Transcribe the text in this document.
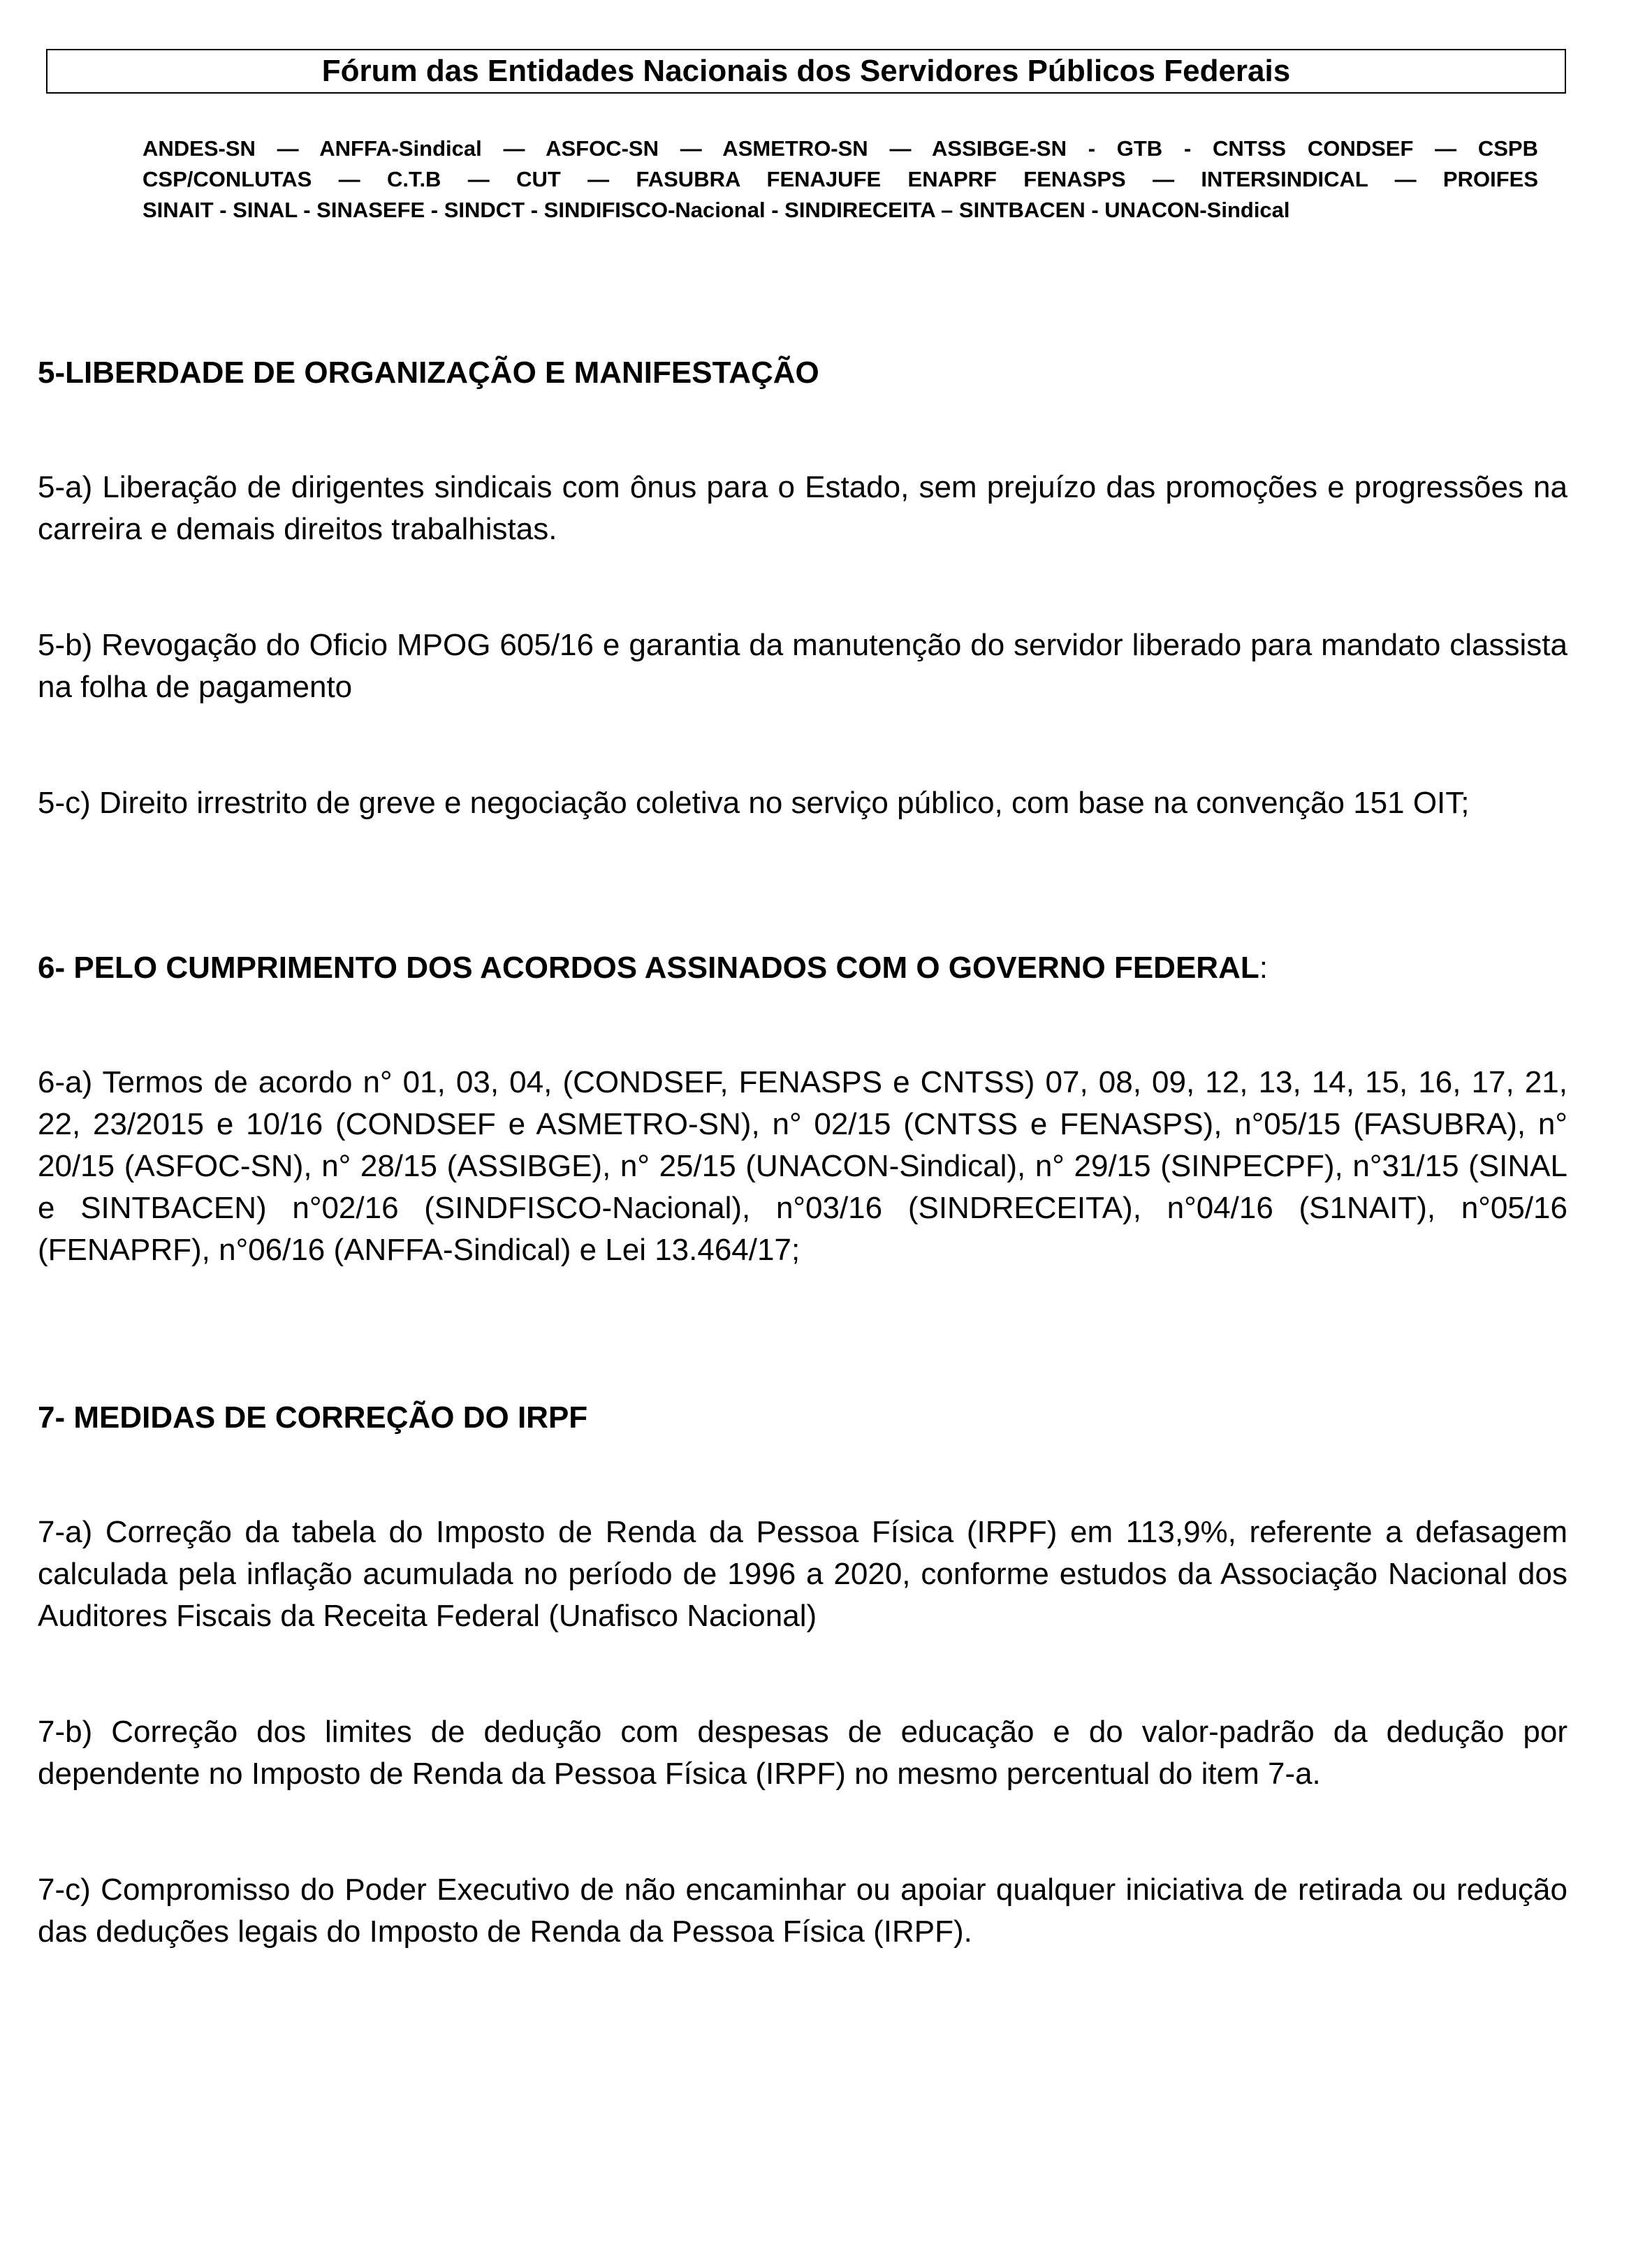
Fórum das Entidades Nacionais dos Servidores Públicos Federais
ANDES-SN — ANFFA-Sindical — ASFOC-SN — ASMETRO-SN — ASSIBGE-SN - GTB - CNTSS CONDSEF — CSPB
CSP/CONLUTAS — C.T.B — CUT — FASUBRA FENAJUFE ENAPRF FENASPS — INTERSINDICAL — PROIFES
SINAIT - SINAL - SINASEFE - SINDCT - SINDIFISCO-Nacional - SINDIRECEITA – SINTBACEN - UNACON-Sindical
5-LIBERDADE DE ORGANIZAÇÃO E MANIFESTAÇÃO

5-a) Liberação de dirigentes sindicais com ônus para o Estado, sem prejuízo das promoções e progressões na carreira e demais direitos trabalhistas.

5-b) Revogação do Oficio MPOG 605/16 e garantia da manutenção do servidor liberado para mandato classista na folha de pagamento

5-c) Direito irrestrito de greve e negociação coletiva no serviço público, com base na convenção 151 OIT;

6- PELO CUMPRIMENTO DOS ACORDOS ASSINADOS COM O GOVERNO FEDERAL:

6-a) Termos de acordo n° 01, 03, 04, (CONDSEF, FENASPS e CNTSS) 07, 08, 09, 12, 13, 14, 15, 16, 17, 21, 22, 23/2015 e 10/16 (CONDSEF e ASMETRO-SN), n° 02/15 (CNTSS e FENASPS), n°05/15 (FASUBRA), n° 20/15 (ASFOC-SN), n° 28/15 (ASSIBGE), n° 25/15 (UNACON-Sindical), n° 29/15 (SINPECPF), n°31/15 (SINAL e SINTBACEN) n°02/16 (SINDFISCO-Nacional), n°03/16 (SINDRECEITA), n°04/16 (S1NAIT), n°05/16 (FENAPRF), n°06/16 (ANFFA-Sindical) e Lei 13.464/17;

7- MEDIDAS DE CORREÇÃO DO IRPF

7-a) Correção da tabela do Imposto de Renda da Pessoa Física (IRPF) em 113,9%, referente a defasagem calculada pela inflação acumulada no período de 1996 a 2020, conforme estudos da Associação Nacional dos Auditores Fiscais da Receita Federal (Unafisco Nacional)

7-b) Correção dos limites de dedução com despesas de educação e do valor-padrão da dedução por dependente no Imposto de Renda da Pessoa Física (IRPF) no mesmo percentual do item 7-a.

7-c) Compromisso do Poder Executivo de não encaminhar ou apoiar qualquer iniciativa de retirada ou redução das deduções legais do Imposto de Renda da Pessoa Física (IRPF).
